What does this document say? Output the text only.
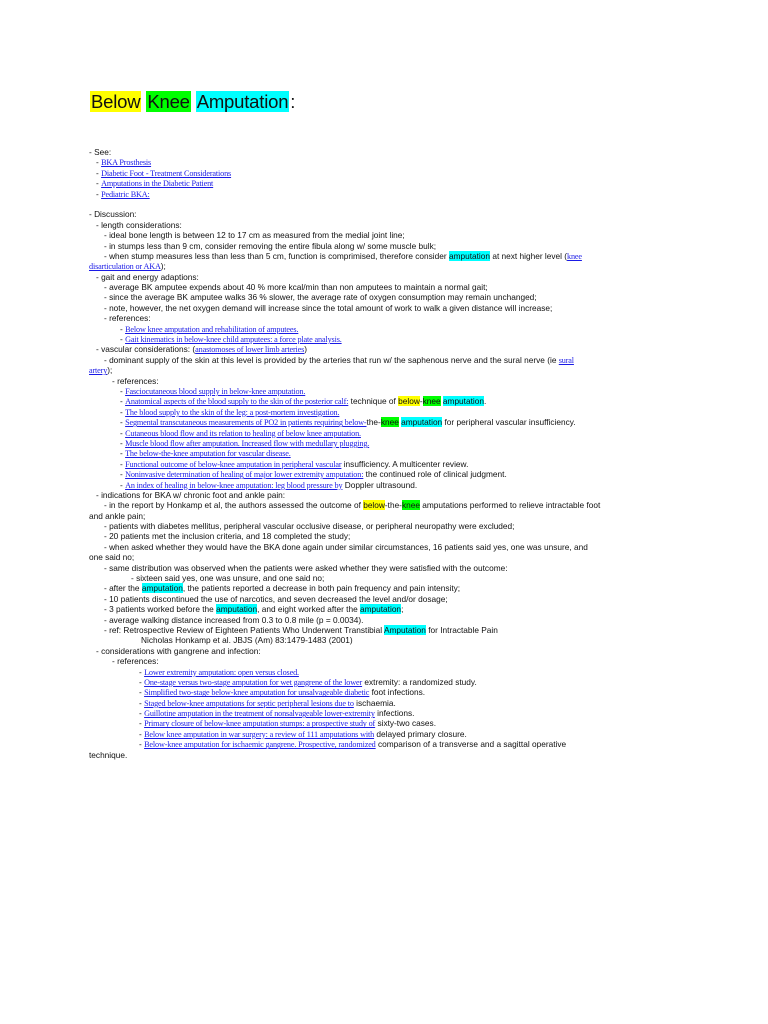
Below Knee Amputation :
- See:
- BKA Prosthesis
- Diabetic Foot - Treatment Considerations
- Amputations in the Diabetic Patient
- Pediatric BKA:
- Discussion:
- length considerations:
- ideal bone length is between 12 to 17 cm as measured from the medial joint line;
- in stumps less than 9 cm, consider removing the entire fibula along w/ some muscle bulk;
- when stump measures less than less than 5 cm, function is comprimised, therefore consider amputation at next higher level (knee
disarticulation or AKA);
- gait and energy adaptions:
- average BK amputee expends about 40 % more kcal/min than non amputees to maintain a normal gait;
- since the average BK amputee walks 36 % slower, the average rate of oxygen consumption may remain unchanged;
- note, however, the net oxygen demand will increase since the total amount of work to walk a given distance will increase;
- references:
- Below knee amputation and rehabilitation of amputees.
- Gait kinematics in below-knee child amputees: a force plate analysis.
- vascular considerations: (anastomoses of lower limb arteries)
- dominant supply of the skin at this level is provided by the arteries that run w/ the saphenous nerve and the sural nerve (ie sural
artery);
- references:
- Fasciocutaneous blood supply in below-knee amputation.
- Anatomical aspects of the blood supply to the skin of the posterior calf: technique of below-knee amputation.
- The blood supply to the skin of the leg: a post-mortem investigation.
- Segmental transcutaneous measurements of PO2 in patients requiring below-the-knee amputation for peripheral vascular insufficiency.
- Cutaneous blood flow and its relation to healing of below knee amputation.
- Muscle blood flow after amputation. Increased flow with medullary plugging.
- The below-the-knee amputation for vascular disease.
- Functional outcome of below-knee amputation in peripheral vascular insufficiency. A multicenter review.
- Noninvasive determination of healing of major lower extremity amputation: the continued role of clinical judgment.
- An index of healing in below-knee amputation: leg blood pressure by Doppler ultrasound.
- indications for BKA w/ chronic foot and ankle pain:
- in the report by Honkamp et al, the authors assessed the outcome of below-the-knee amputations performed to relieve intractable foot
and ankle pain;
- patients with diabetes mellitus, peripheral vascular occlusive disease, or peripheral neuropathy were excluded;
- 20 patients met the inclusion criteria, and 18 completed the study;
- when asked whether they would have the BKA done again under similar circumstances, 16 patients said yes, one was unsure, and
one said no;
- same distribution was observed when the patients were asked whether they were satisfied with the outcome:
- sixteen said yes, one was unsure, and one said no;
- after the amputation, the patients reported a decrease in both pain frequency and pain intensity;
- 10 patients discontinued the use of narcotics, and seven decreased the level and/or dosage;
- 3 patients worked before the amputation, and eight worked after the amputation;
- average walking distance increased from 0.3 to 0.8 mile (p = 0.0034).
- ref: Retrospective Review of Eighteen Patients Who Underwent Transtibial Amputation for Intractable Pain
Nicholas Honkamp et al. JBJS (Am) 83:1479-1483 (2001)
- considerations with gangrene and infection:
- references:
- Lower extremity amputation: open versus closed.
- One-stage versus two-stage amputation for wet gangrene of the lower extremity: a randomized study.
- Simplified two-stage below-knee amputation for unsalvageable diabetic foot infections.
- Staged below-knee amputations for septic peripheral lesions due to ischaemia.
- Guillotine amputation in the treatment of nonsalvageable lower-extremity infections.
- Primary closure of below-knee amputation stumps: a prospective study of sixty-two cases.
- Below knee amputation in war surgery: a review of 111 amputations with delayed primary closure.
- Below-knee amputation for ischaemic gangrene. Prospective, randomized comparison of a transverse and a sagittal operative
technique.
